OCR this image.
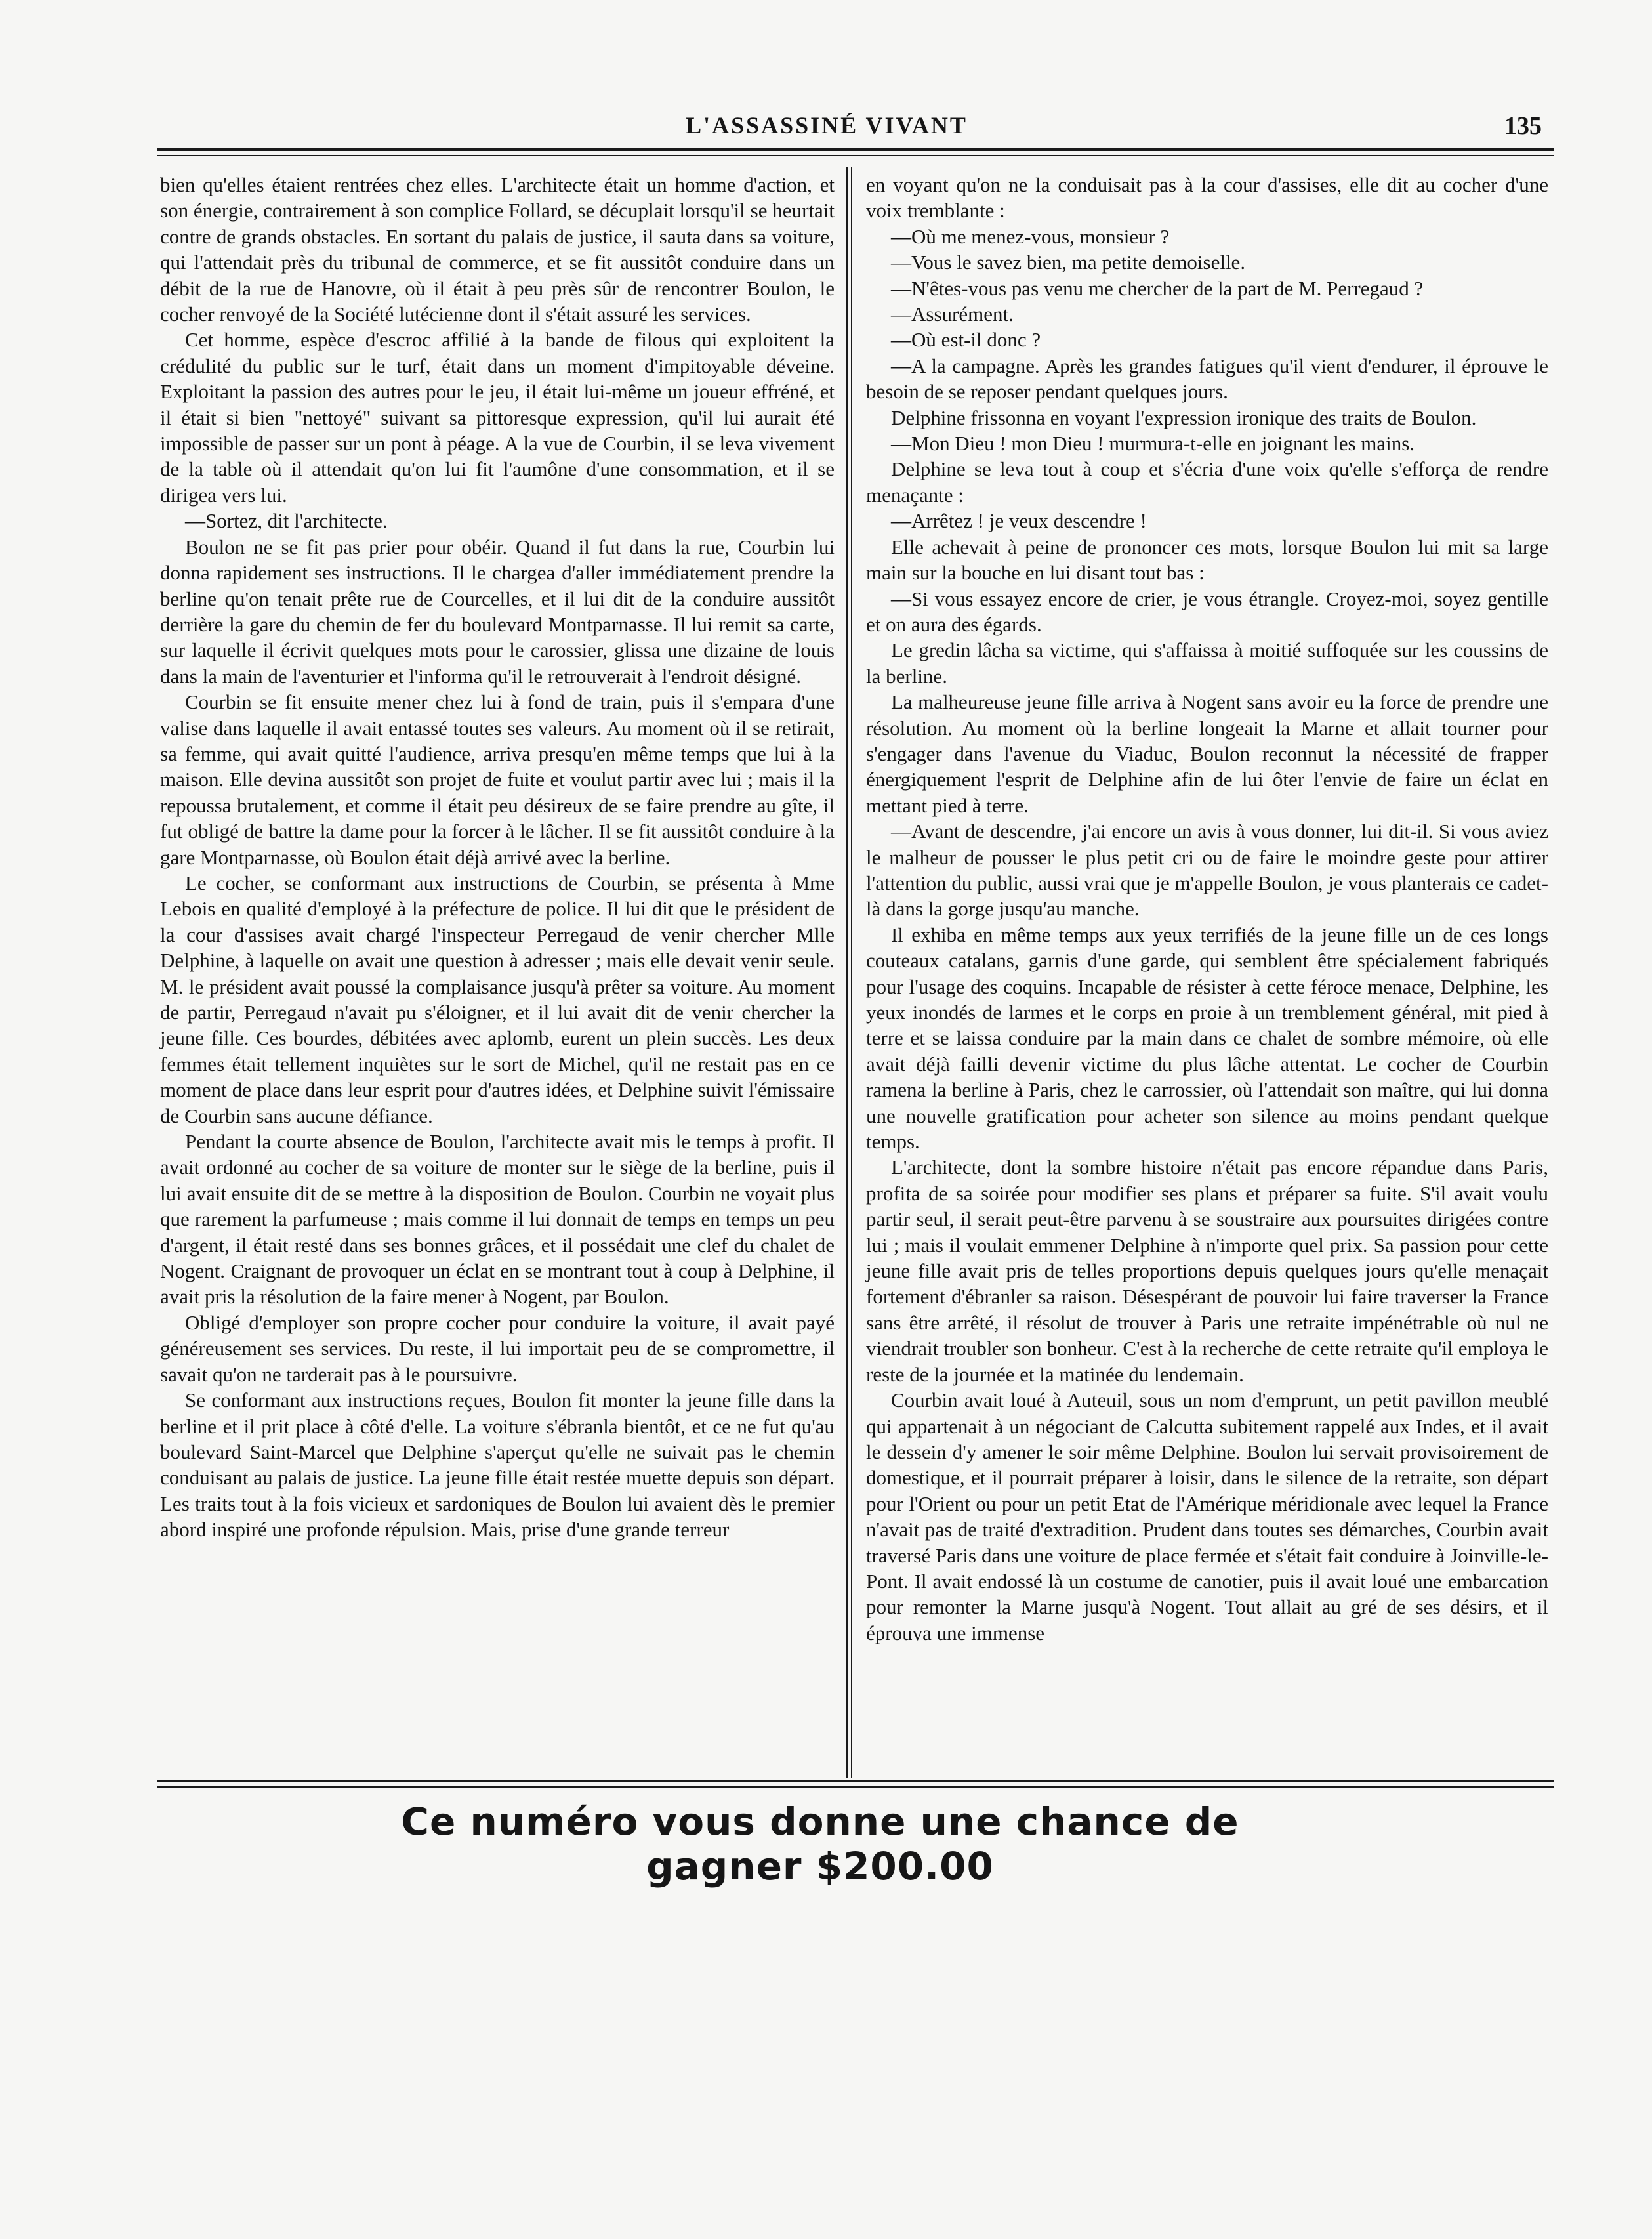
L'ASSASSINÉ VIVANT	135

bien qu'elles étaient rentrées chez elles. L'architecte était un homme d'action, et son énergie, contrairement à son complice Follard, se décuplait lorsqu'il se heurtait contre de grands obstacles. En sortant du palais de justice, il sauta dans sa voiture, qui l'attendait près du tribunal de commerce, et se fit aussitôt conduire dans un débit de la rue de Hanovre, où il était à peu près sûr de rencontrer Boulon, le cocher renvoyé de la Société lutécienne dont il s'était assuré les services.

Cet homme, espèce d'escroc affilié à la bande de filous qui exploitent la crédulité du public sur le turf, était dans un moment d'impitoyable déveine. Exploitant la passion des autres pour le jeu, il était lui-même un joueur effréné, et il était si bien "nettoyé" suivant sa pittoresque expression, qu'il lui aurait été impossible de passer sur un pont à péage. A la vue de Courbin, il se leva vivement de la table où il attendait qu'on lui fit l'aumône d'une consommation, et il se dirigea vers lui.

—Sortez, dit l'architecte.

Boulon ne se fit pas prier pour obéir. Quand il fut dans la rue, Courbin lui donna rapidement ses instructions. Il le chargea d'aller immédiatement prendre la berline qu'on tenait prête rue de Courcelles, et il lui dit de la conduire aussitôt derrière la gare du chemin de fer du boulevard Montparnasse. Il lui remit sa carte, sur laquelle il écrivit quelques mots pour le carossier, glissa une dizaine de louis dans la main de l'aventurier et l'informa qu'il le retrouverait à l'endroit désigné.

Courbin se fit ensuite mener chez lui à fond de train, puis il s'empara d'une valise dans laquelle il avait entassé toutes ses valeurs. Au moment où il se retirait, sa femme, qui avait quitté l'audience, arriva presqu'en même temps que lui à la maison. Elle devina aussitôt son projet de fuite et voulut partir avec lui ; mais il la repoussa brutalement, et comme il était peu désireux de se faire prendre au gîte, il fut obligé de battre la dame pour la forcer à le lâcher. Il se fit aussitôt conduire à la gare Montparnasse, où Boulon était déjà arrivé avec la berline.

Le cocher, se conformant aux instructions de Courbin, se présenta à Mme Lebois en qualité d'employé à la préfecture de police. Il lui dit que le président de la cour d'assises avait chargé l'inspecteur Perregaud de venir chercher Mlle Delphine, à laquelle on avait une question à adresser ; mais elle devait venir seule. M. le président avait poussé la complaisance jusqu'à prêter sa voiture. Au moment de partir, Perregaud n'avait pu s'éloigner, et il lui avait dit de venir chercher la jeune fille. Ces bourdes, débitées avec aplomb, eurent un plein succès. Les deux femmes était tellement inquiètes sur le sort de Michel, qu'il ne restait pas en ce moment de place dans leur esprit pour d'autres idées, et Delphine suivit l'émissaire de Courbin sans aucune défiance.

Pendant la courte absence de Boulon, l'architecte avait mis le temps à profit. Il avait ordonné au cocher de sa voiture de monter sur le siège de la berline, puis il lui avait ensuite dit de se mettre à la disposition de Boulon. Courbin ne voyait plus que rarement la parfumeuse ; mais comme il lui donnait de temps en temps un peu d'argent, il était resté dans ses bonnes grâces, et il possédait une clef du chalet de Nogent. Craignant de provoquer un éclat en se montrant tout à coup à Delphine, il avait pris la résolution de la faire mener à Nogent, par Boulon.

Obligé d'employer son propre cocher pour conduire la voiture, il avait payé généreusement ses services. Du reste, il lui importait peu de se compromettre, il savait qu'on ne tarderait pas à le poursuivre.

Se conformant aux instructions reçues, Boulon fit monter la jeune fille dans la berline et il prit place à côté d'elle. La voiture s'ébranla bientôt, et ce ne fut qu'au boulevard Saint-Marcel que Delphine s'aperçut qu'elle ne suivait pas le chemin conduisant au palais de justice. La jeune fille était restée muette depuis son départ. Les traits tout à la fois vicieux et sardoniques de Boulon lui avaient dès le premier abord inspiré une profonde répulsion. Mais, prise d'une grande terreur

en voyant qu'on ne la conduisait pas à la cour d'assises, elle dit au cocher d'une voix tremblante :

—Où me menez-vous, monsieur ?

—Vous le savez bien, ma petite demoiselle.

—N'êtes-vous pas venu me chercher de la part de M. Perregaud ?

—Assurément.

—Où est-il donc ?

—A la campagne. Après les grandes fatigues qu'il vient d'endurer, il éprouve le besoin de se reposer pendant quelques jours.

Delphine frissonna en voyant l'expression ironique des traits de Boulon.

—Mon Dieu ! mon Dieu ! murmura-t-elle en joignant les mains.

Delphine se leva tout à coup et s'écria d'une voix qu'elle s'efforça de rendre menaçante :

—Arrêtez ! je veux descendre !

Elle achevait à peine de prononcer ces mots, lorsque Boulon lui mit sa large main sur la bouche en lui disant tout bas :

—Si vous essayez encore de crier, je vous étrangle. Croyez-moi, soyez gentille et on aura des égards.

Le gredin lâcha sa victime, qui s'affaissa à moitié suffoquée sur les coussins de la berline.

La malheureuse jeune fille arriva à Nogent sans avoir eu la force de prendre une résolution. Au moment où la berline longeait la Marne et allait tourner pour s'engager dans l'avenue du Viaduc, Boulon reconnut la nécessité de frapper énergiquement l'esprit de Delphine afin de lui ôter l'envie de faire un éclat en mettant pied à terre.

—Avant de descendre, j'ai encore un avis à vous donner, lui dit-il. Si vous aviez le malheur de pousser le plus petit cri ou de faire le moindre geste pour attirer l'attention du public, aussi vrai que je m'appelle Boulon, je vous planterais ce cadet-là dans la gorge jusqu'au manche.

Il exhiba en même temps aux yeux terrifiés de la jeune fille un de ces longs couteaux catalans, garnis d'une garde, qui semblent être spécialement fabriqués pour l'usage des coquins. Incapable de résister à cette féroce menace, Delphine, les yeux inondés de larmes et le corps en proie à un tremblement général, mit pied à terre et se laissa conduire par la main dans ce chalet de sombre mémoire, où elle avait déjà failli devenir victime du plus lâche attentat. Le cocher de Courbin ramena la berline à Paris, chez le carrossier, où l'attendait son maître, qui lui donna une nouvelle gratification pour acheter son silence au moins pendant quelque temps.

L'architecte, dont la sombre histoire n'était pas encore répandue dans Paris, profita de sa soirée pour modifier ses plans et préparer sa fuite. S'il avait voulu partir seul, il serait peut-être parvenu à se soustraire aux poursuites dirigées contre lui ; mais il voulait emmener Delphine à n'importe quel prix. Sa passion pour cette jeune fille avait pris de telles proportions depuis quelques jours qu'elle menaçait fortement d'ébranler sa raison. Désespérant de pouvoir lui faire traverser la France sans être arrêté, il résolut de trouver à Paris une retraite impénétrable où nul ne viendrait troubler son bonheur. C'est à la recherche de cette retraite qu'il employa le reste de la journée et la matinée du lendemain.

Courbin avait loué à Auteuil, sous un nom d'emprunt, un petit pavillon meublé qui appartenait à un négociant de Calcutta subitement rappelé aux Indes, et il avait le dessein d'y amener le soir même Delphine. Boulon lui servait provisoirement de domestique, et il pourrait préparer à loisir, dans le silence de la retraite, son départ pour l'Orient ou pour un petit Etat de l'Amérique méridionale avec lequel la France n'avait pas de traité d'extradition. Prudent dans toutes ses démarches, Courbin avait traversé Paris dans une voiture de place fermée et s'était fait conduire à Joinville-le-Pont. Il avait endossé là un costume de canotier, puis il avait loué une embarcation pour remonter la Marne jusqu'à Nogent. Tout allait au gré de ses désirs, et il éprouva une immense

Ce numéro vous donne une chance de gagner $200.00
